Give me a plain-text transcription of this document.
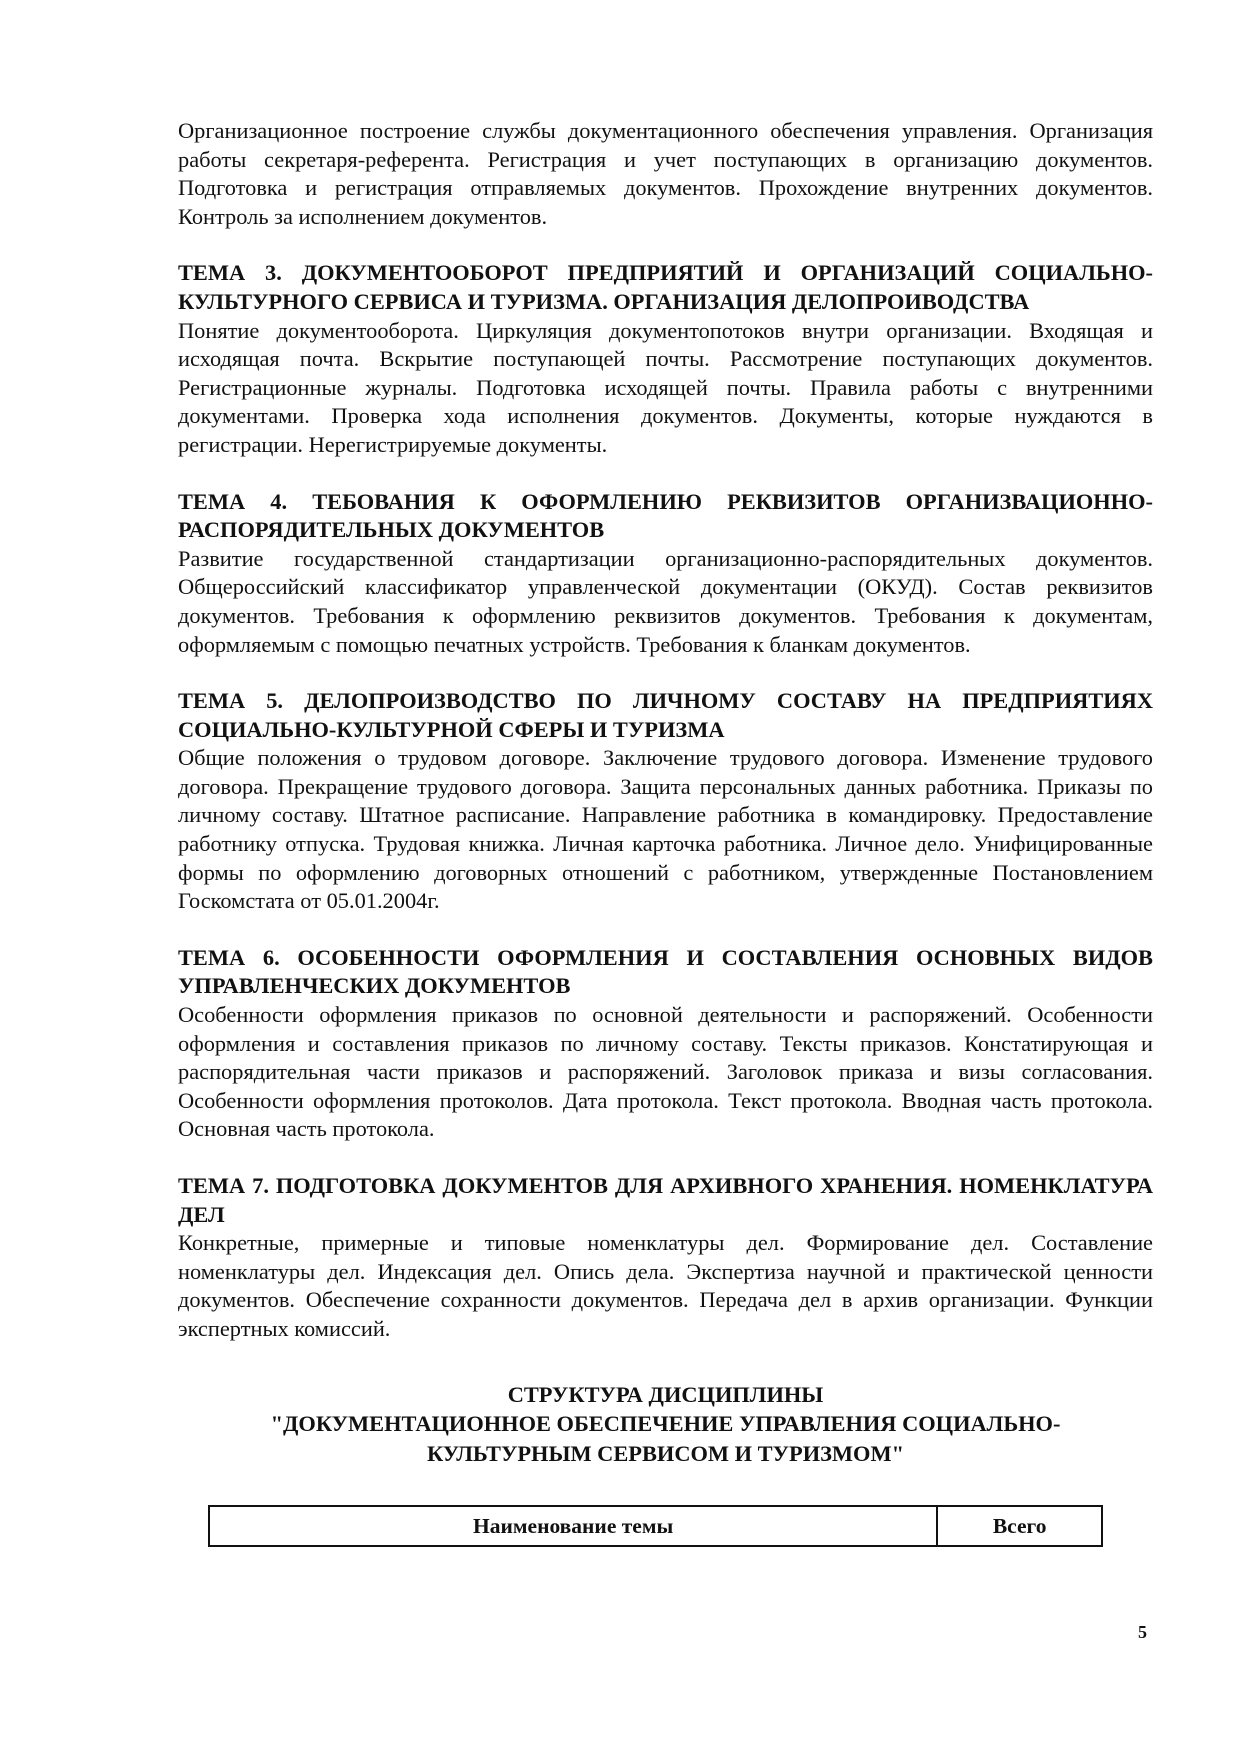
Организационное построение службы документационного обеспечения управления. Организация работы секретаря-референта. Регистрация и учет поступающих в организацию документов. Подготовка и регистрация отправляемых документов. Прохождение внутренних документов. Контроль за исполнением документов.

ТЕМА 3. ДОКУМЕНТООБОРОТ ПРЕДПРИЯТИЙ И ОРГАНИЗАЦИЙ СОЦИАЛЬНО-КУЛЬТУРНОГО СЕРВИСА И ТУРИЗМА. ОРГАНИЗАЦИЯ ДЕЛОПРОИВОДСТВА

Понятие документооборота. Циркуляция документопотоков внутри организации. Входящая и исходящая почта. Вскрытие поступающей почты. Рассмотрение поступающих документов. Регистрационные журналы. Подготовка исходящей почты. Правила работы с внутренними документами. Проверка хода исполнения документов. Документы, которые нуждаются в регистрации. Нерегистрируемые документы.

ТЕМА 4. ТЕБОВАНИЯ К ОФОРМЛЕНИЮ РЕКВИЗИТОВ ОРГАНИЗВАЦИОННО-РАСПОРЯДИТЕЛЬНЫХ ДОКУМЕНТОВ

Развитие государственной стандартизации организационно-распорядительных документов. Общероссийский классификатор управленческой документации (ОКУД). Состав реквизитов документов. Требования к оформлению реквизитов документов. Требования к документам, оформляемым с помощью печатных устройств. Требования к бланкам документов.

ТЕМА 5. ДЕЛОПРОИЗВОДСТВО ПО ЛИЧНОМУ СОСТАВУ НА ПРЕДПРИЯТИЯХ СОЦИАЛЬНО-КУЛЬТУРНОЙ СФЕРЫ И ТУРИЗМА

Общие положения о трудовом договоре. Заключение трудового договора. Изменение трудового договора. Прекращение трудового договора. Защита персональных данных работника. Приказы по личному составу. Штатное расписание. Направление работника в командировку. Предоставление работнику отпуска. Трудовая книжка. Личная карточка работника. Личное дело. Унифицированные формы по оформлению договорных отношений с работником, утвержденные Постановлением Госкомстата от 05.01.2004г.

ТЕМА 6. ОСОБЕННОСТИ ОФОРМЛЕНИЯ И СОСТАВЛЕНИЯ ОСНОВНЫХ ВИДОВ УПРАВЛЕНЧЕСКИХ ДОКУМЕНТОВ

Особенности оформления приказов по основной деятельности и распоряжений. Особенности оформления и составления приказов по личному составу. Тексты приказов. Констатирующая и распорядительная части приказов и распоряжений. Заголовок приказа и визы согласования. Особенности оформления протоколов. Дата протокола. Текст протокола. Вводная часть протокола. Основная часть протокола.

ТЕМА 7. ПОДГОТОВКА ДОКУМЕНТОВ ДЛЯ АРХИВНОГО ХРАНЕНИЯ. НОМЕНКЛАТУРА ДЕЛ

Конкретные, примерные и типовые номенклатуры дел. Формирование дел. Составление номенклатуры дел. Индексация дел. Опись дела. Экспертиза научной и практической ценности документов. Обеспечение сохранности документов. Передача дел в архив организации. Функции экспертных комиссий.

СТРУКТУРА ДИСЦИПЛИНЫ
"ДОКУМЕНТАЦИОННОЕ ОБЕСПЕЧЕНИЕ УПРАВЛЕНИЯ СОЦИАЛЬНО-
КУЛЬТУРНЫМ СЕРВИСОМ И ТУРИЗМОМ"
Наименование темы	Всего
5
